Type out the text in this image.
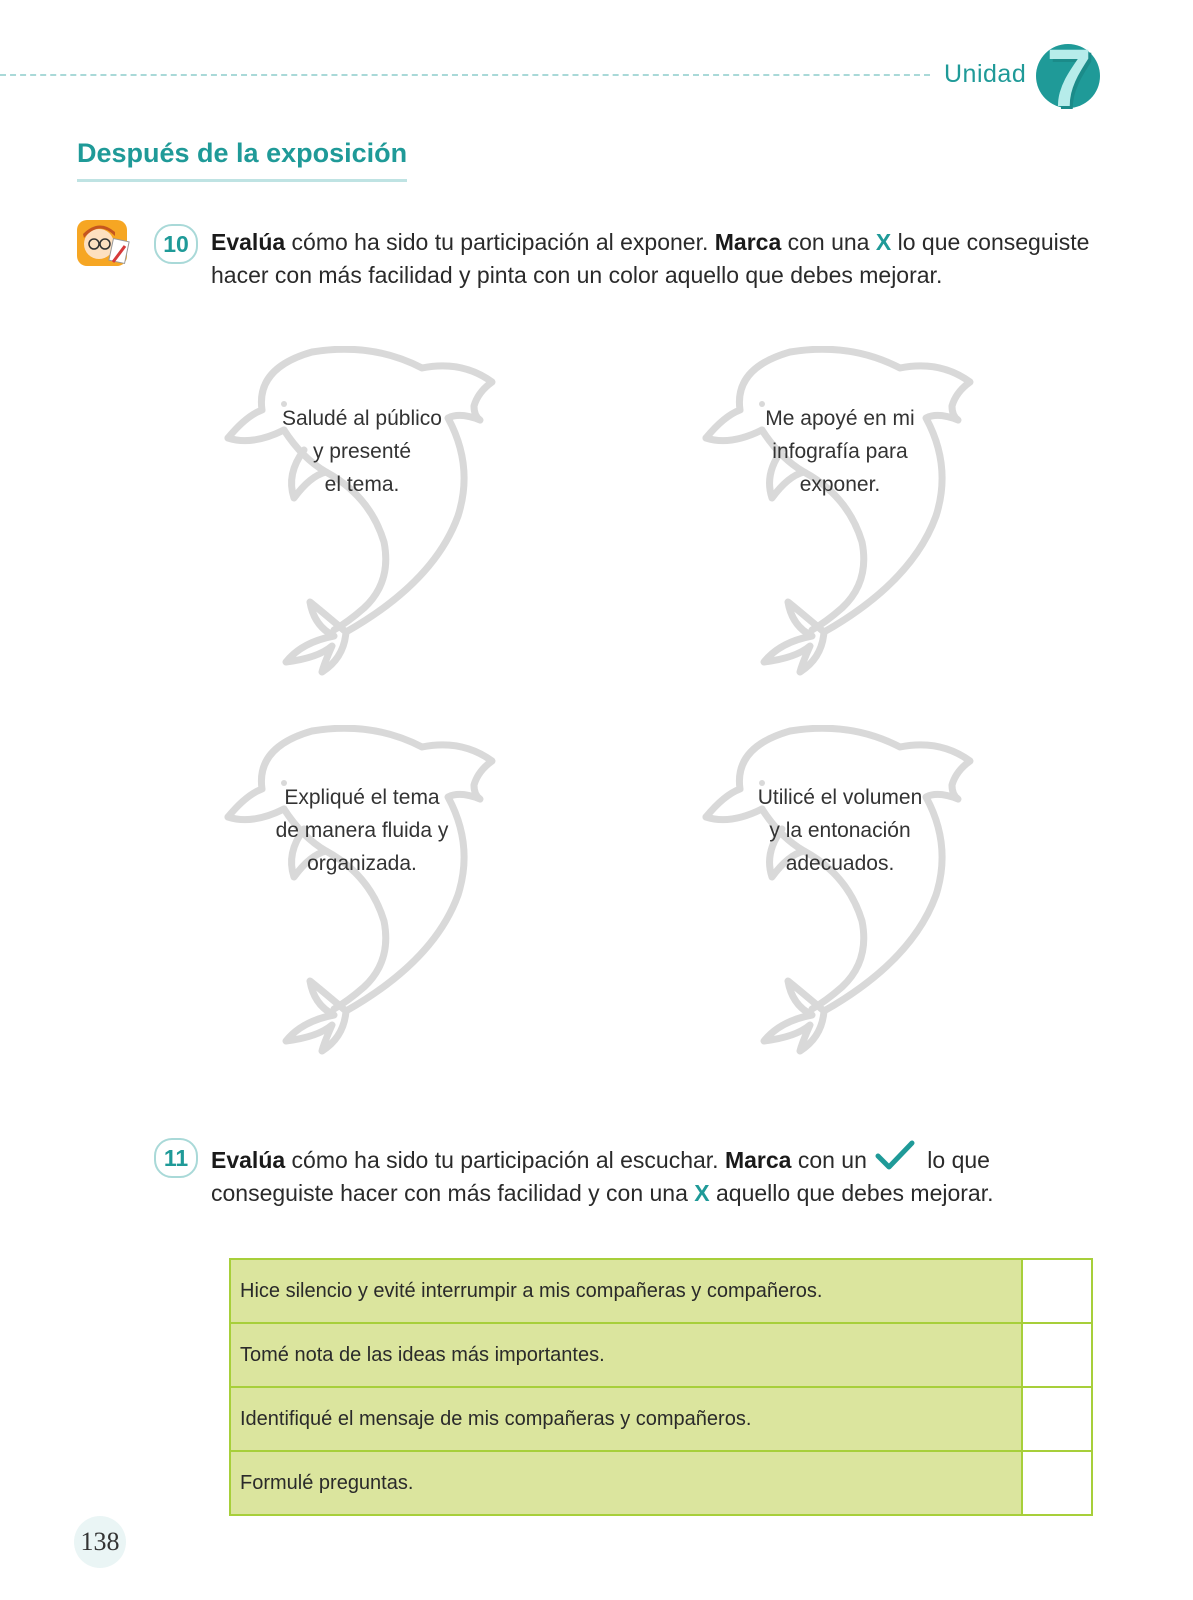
Unidad 7
Después de la exposición
10 Evalúa cómo ha sido tu participación al exponer. Marca con una X lo que conseguiste hacer con más facilidad y pinta con un color aquello que debes mejorar.
Saludé al público
y presenté
el tema.
Me apoyé en mi
infografía para
exponer.
Expliqué el tema
de manera fluida y
organizada.
Utilicé el volumen
y la entonación
adecuados.
11 Evalúa cómo ha sido tu participación al escuchar. Marca con un lo que conseguiste hacer con más facilidad y con una X aquello que debes mejorar.
Hice silencio y evité interrumpir a mis compañeras y compañeros.
Tomé nota de las ideas más importantes.
Identifiqué el mensaje de mis compañeras y compañeros.
Formulé preguntas.
138
